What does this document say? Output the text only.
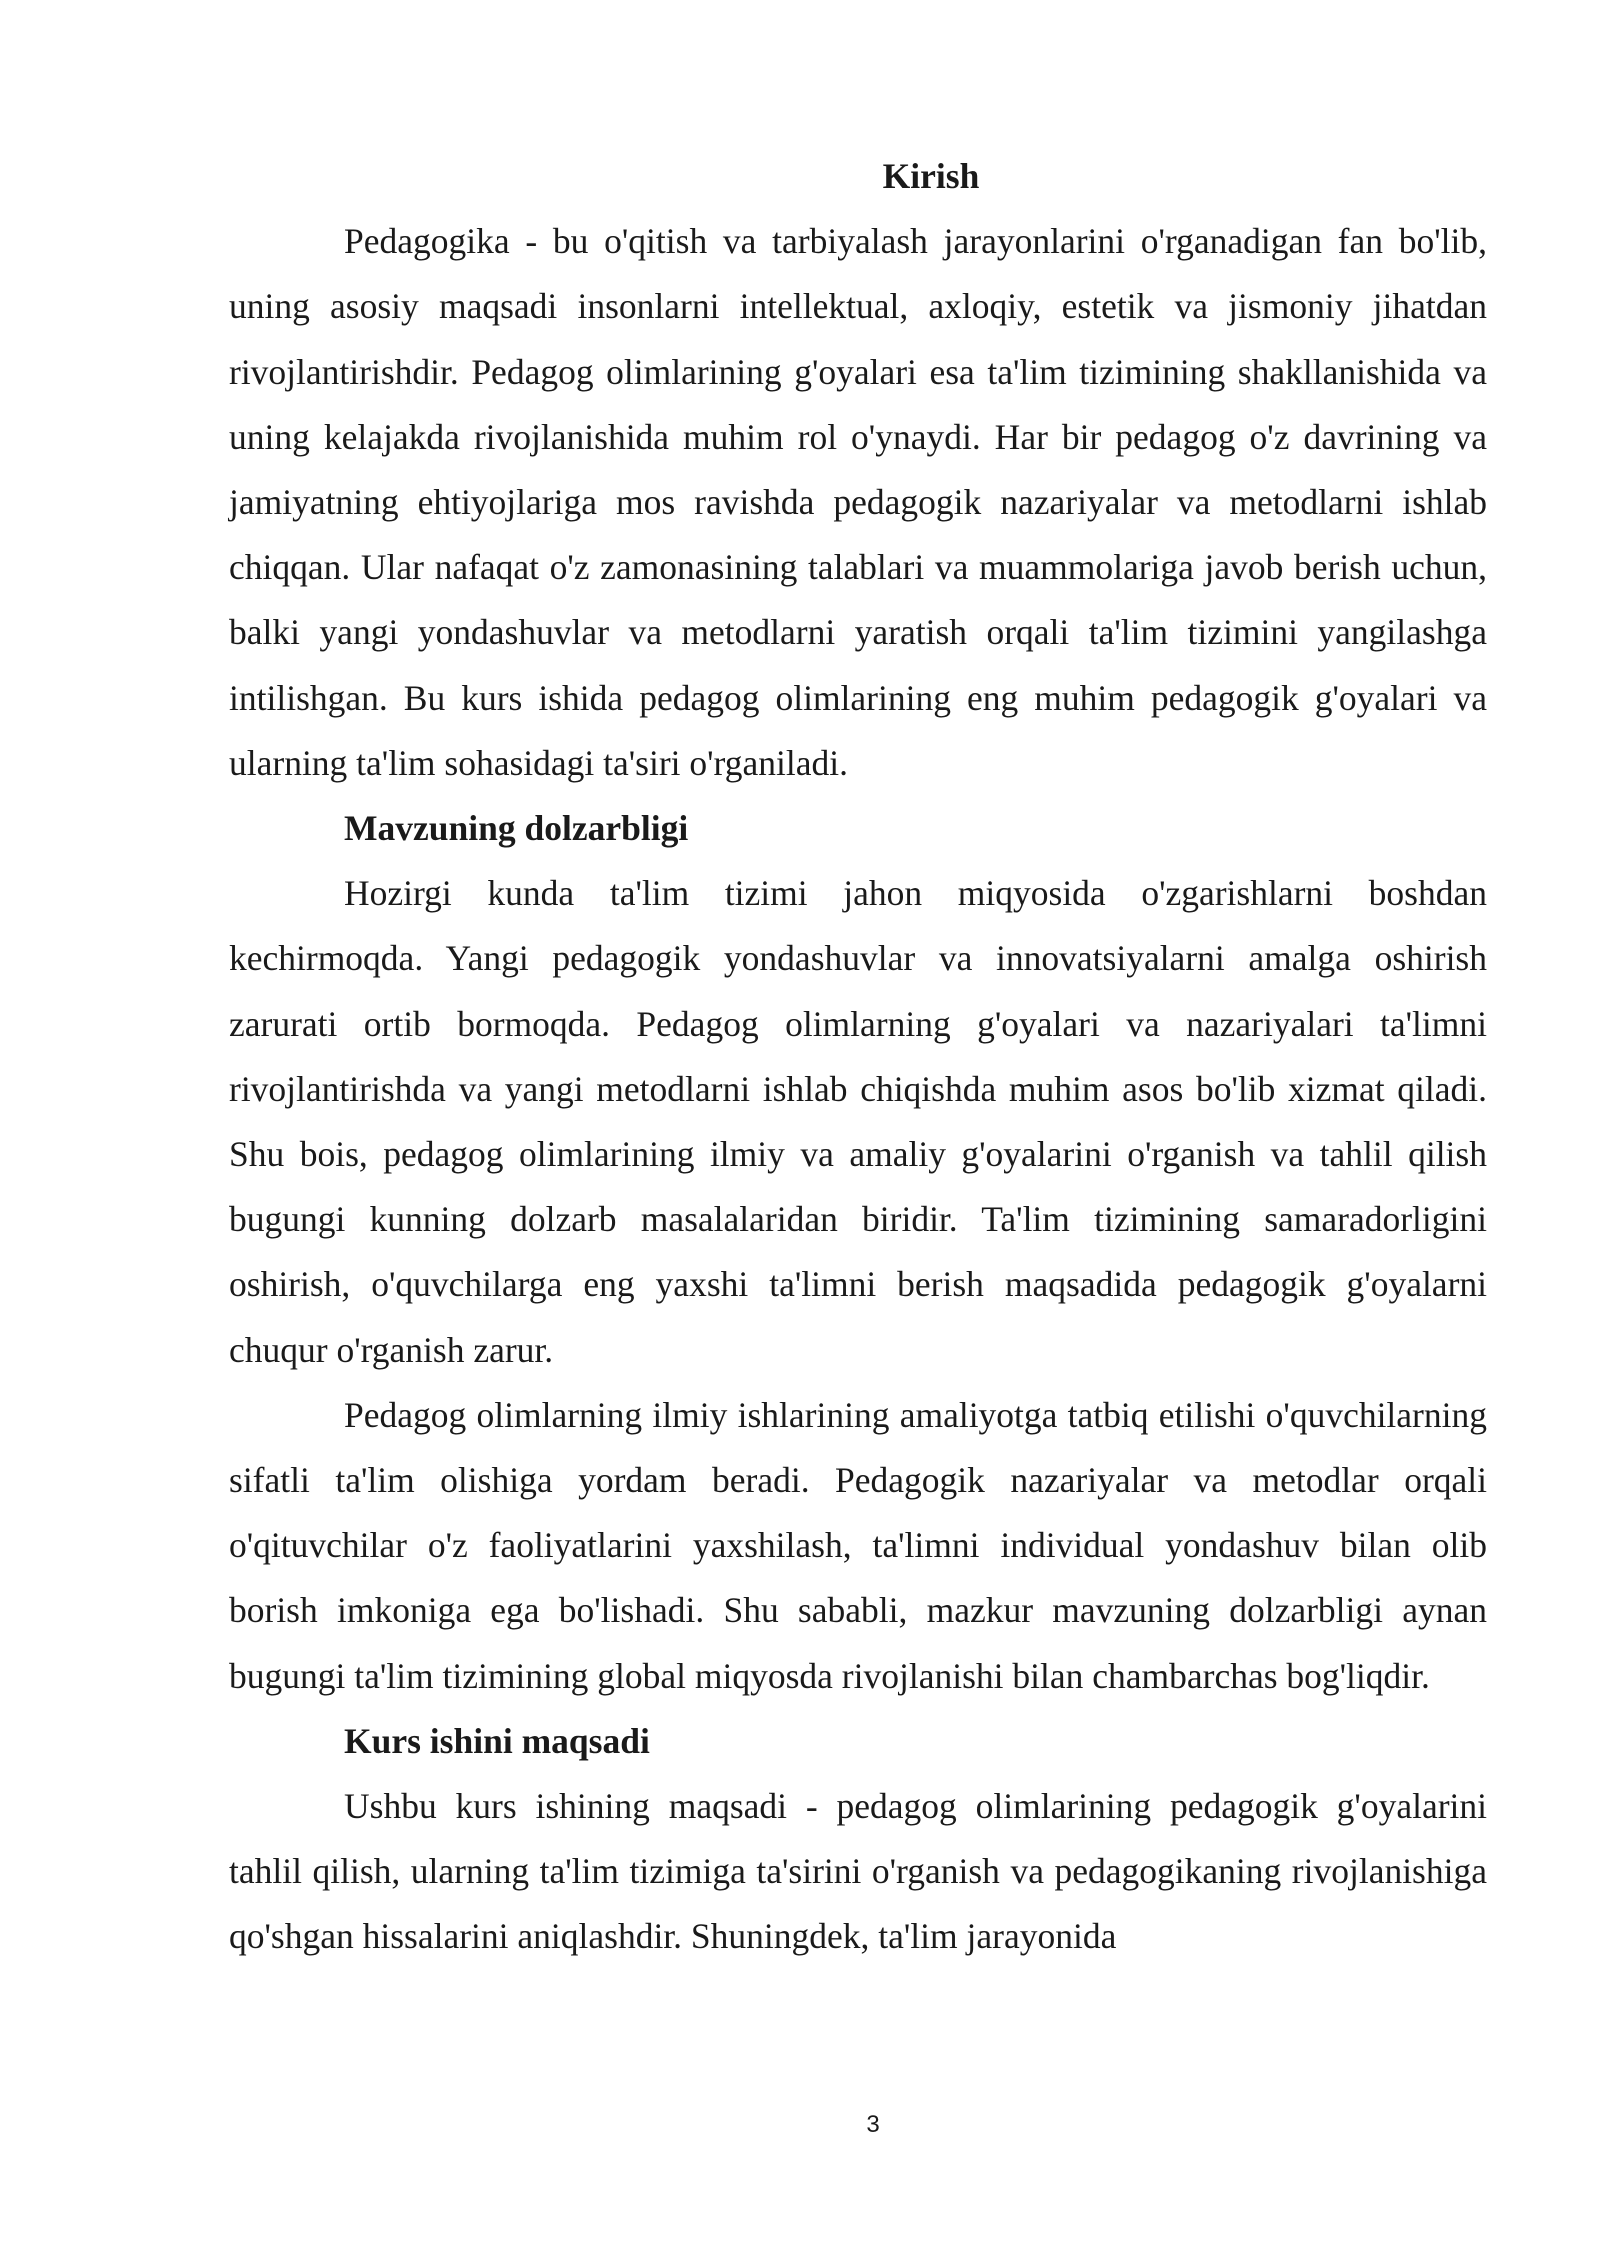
Kirish

Pedagogika - bu o'qitish va tarbiyalash jarayonlarini o'rganadigan fan bo'lib, uning asosiy maqsadi insonlarni intellektual, axloqiy, estetik va jismoniy jihatdan rivojlantirishdir. Pedagog olimlarining g'oyalari esa ta'lim tizimining shakllanishida va uning kelajakda rivojlanishida muhim rol o'ynaydi. Har bir pedagog o'z davrining va jamiyatning ehtiyojlariga mos ravishda pedagogik nazariyalar va metodlarni ishlab chiqqan. Ular nafaqat o'z zamonasining talablari va muammolariga javob berish uchun, balki yangi yondashuvlar va metodlarni yaratish orqali ta'lim tizimini yangilashga intilishgan. Bu kurs ishida pedagog olimlarining eng muhim pedagogik g'oyalari va ularning ta'lim sohasidagi ta'siri o'rganiladi.

Mavzuning dolzarbligi

Hozirgi kunda ta'lim tizimi jahon miqyosida o'zgarishlarni boshdan kechirmoqda. Yangi pedagogik yondashuvlar va innovatsiyalarni amalga oshirish zarurati ortib bormoqda. Pedagog olimlarning g'oyalari va nazariyalari ta'limni rivojlantirishda va yangi metodlarni ishlab chiqishda muhim asos bo'lib xizmat qiladi. Shu bois, pedagog olimlarining ilmiy va amaliy g'oyalarini o'rganish va tahlil qilish bugungi kunning dolzarb masalalaridan biridir. Ta'lim tizimining samaradorligini oshirish, o'quvchilarga eng yaxshi ta'limni berish maqsadida pedagogik g'oyalarni chuqur o'rganish zarur.

Pedagog olimlarning ilmiy ishlarining amaliyotga tatbiq etilishi o'quvchilarning sifatli ta'lim olishiga yordam beradi. Pedagogik nazariyalar va metodlar orqali o'qituvchilar o'z faoliyatlarini yaxshilash, ta'limni individual yondashuv bilan olib borish imkoniga ega bo'lishadi. Shu sababli, mazkur mavzuning dolzarbligi aynan bugungi ta'lim tizimining global miqyosda rivojlanishi bilan chambarchas bog'liqdir.

Kurs ishini maqsadi

Ushbu kurs ishining maqsadi - pedagog olimlarining pedagogik g'oyalarini tahlil qilish, ularning ta'lim tizimiga ta'sirini o'rganish va pedagogikaning rivojlanishiga qo'shgan hissalarini aniqlashdir. Shuningdek, ta'lim jarayonida

3
